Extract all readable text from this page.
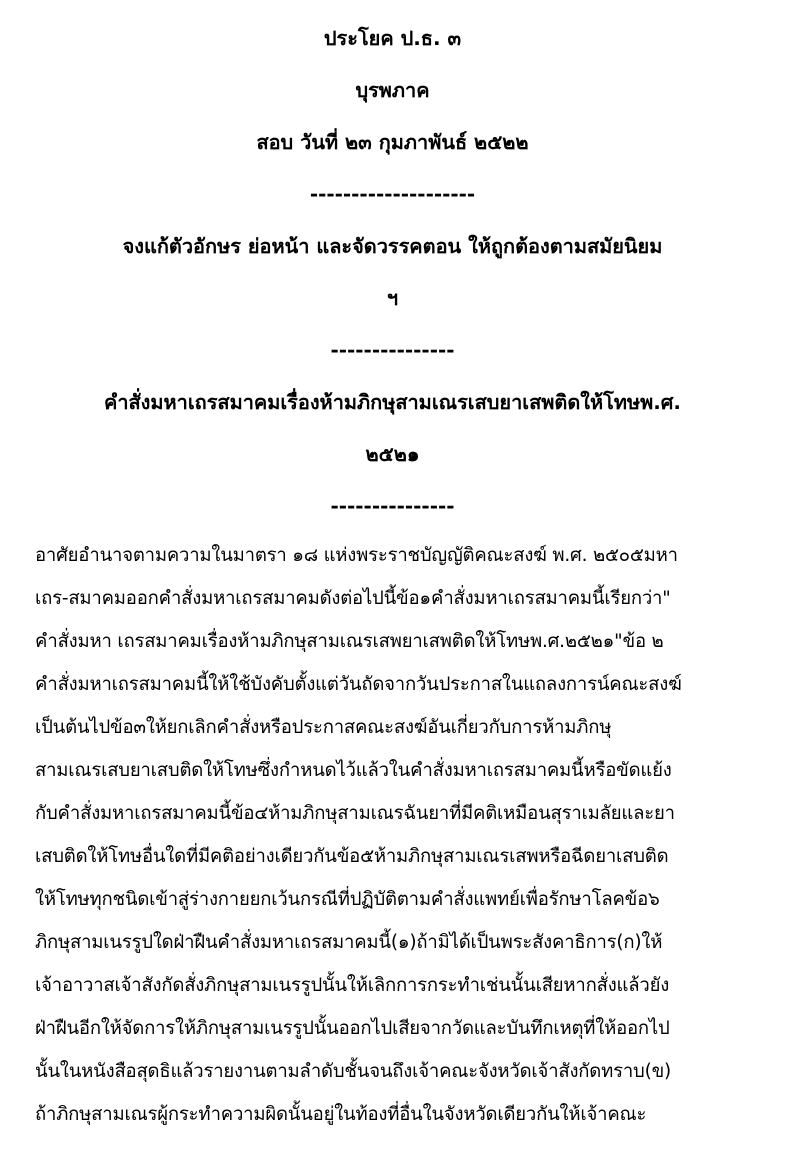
ประโยค ป.ธ. ๓
บุรพภาค
สอบ วันที่ ๒๓ กุมภาพันธ์ ๒๕๒๒
--------------------
จงแก้ตัวอักษร ย่อหน้า และจัดวรรคตอน ให้ถูกต้องตามสมัยนิยม
ฯ
---------------
คำสั่งมหาเถรสมาคมเรื่องห้ามภิกษุสามเณรเสบยาเสพติดให้โทษพ.ศ.
๒๕๒๑
---------------
อาศัยอำนาจตามความในมาตรา ๑๘ แห่งพระราชบัญญัติคณะสงฆ์ พ.ศ. ๒๕๐๕มหา
เถร-สมาคมออกคำสั่งมหาเถรสมาคมดังต่อไปนี้ข้อ๑คำสั่งมหาเถรสมาคมนี้เรียกว่า"
คำสั่งมหา เถรสมาคมเรื่องห้ามภิกษุสามเณรเสพยาเสพติดให้โทษพ.ศ.๒๕๒๑"ข้อ ๒
คำสั่งมหาเถรสมาคมนี้ให้ใช้บังคับตั้งแต่วันถัดจากวันประกาสในแถลงการน์คณะสงฆ์
เป็นต้นไปข้อ๓ให้ยกเลิกคำสั่งหรือประกาสคณะสงฆ์อันเกี่ยวกับการห้ามภิกษุ
สามเณรเสบยาเสบติดให้โทษซึ่งกำหนดไว้แล้วในคำสั่งมหาเถรสมาคมนี้หรือขัดแย้ง
กับคำสั่งมหาเถรสมาคมนี้ข้อ๔ห้ามภิกษุสามเณรฉันยาที่มีคติเหมือนสุราเมลัยและยา
เสบติดให้โทษอื่นใดที่มีคติอย่างเดียวกันข้อ๕ห้ามภิกษุสามเณรเสพหรือฉีดยาเสบติด
ให้โทษทุกชนิดเข้าสู่ร่างกายยกเว้นกรณีที่ปฏิบัติตามคำสั่งแพทย์เพื่อรักษาโลคข้อ๖
ภิกษุสามเนรรูปใดฝ่าฝืนคำสั่งมหาเถรสมาคมนี้(๑)ถ้ามิได้เป็นพระสังคาธิการ(ก)ให้
เจ้าอาวาสเจ้าสังกัดสั่งภิกษุสามเนรรูปนั้นให้เลิกการกระทำเช่นนั้นเสียหากสั่งแล้วยัง
ฝ่าฝืนอีกให้จัดการให้ภิกษุสามเนรรูปนั้นออกไปเสียจากวัดและบันทึกเหตุที่ให้ออกไป
นั้นในหนังสือสุดธิแล้วรายงานตามลำดับชั้นจนถึงเจ้าคณะจังหวัดเจ้าสังกัดทราบ(ข)
ถ้าภิกษุสามเณรผู้กระทำความผิดนั้นอยู่ในท้องที่อื่นในจังหวัดเดียวกันให้เจ้าคณะ
